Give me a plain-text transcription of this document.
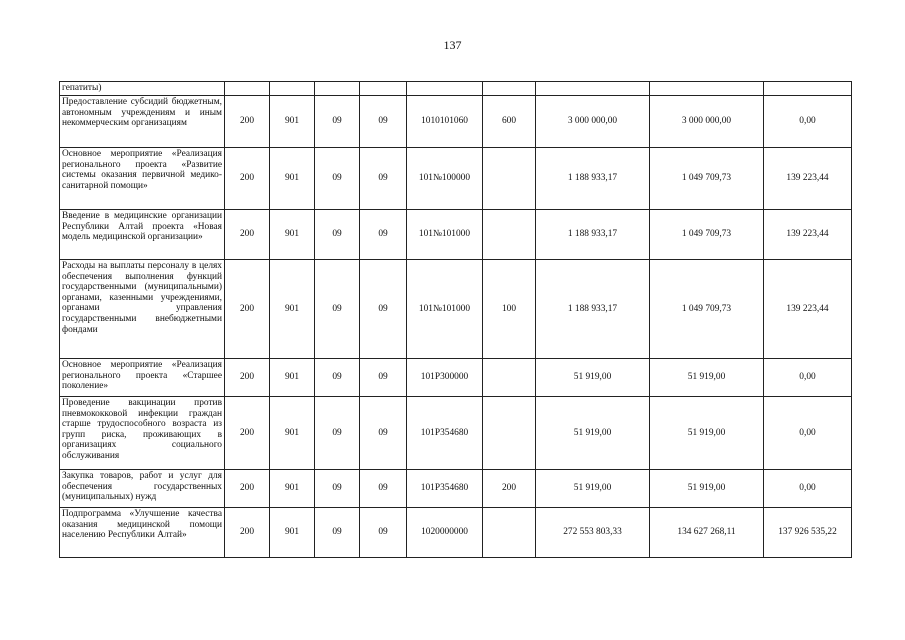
137
гепатиты)									
Предоставление субсидий бюджетным, автономным учреждениям и иным некоммерческим организациям	200	901	09	09	1010101060	600	3 000 000,00	3 000 000,00	0,00
Основное мероприятие «Реализация регионального проекта «Развитие системы оказания первичной медико-санитарной помощи»	200	901	09	09	101№100000		1 188 933,17	1 049 709,73	139 223,44
Введение в медицинские организации Республики Алтай проекта «Новая модель медицинской организации»	200	901	09	09	101№101000		1 188 933,17	1 049 709,73	139 223,44
Расходы на выплаты персоналу в целях обеспечения выполнения функций государственными (муниципальными) органами, казенными учреждениями, органами управления государственными внебюджетными фондами	200	901	09	09	101№101000	100	1 188 933,17	1 049 709,73	139 223,44
Основное мероприятие «Реализация регионального проекта «Старшее поколение»	200	901	09	09	101P300000		51 919,00	51 919,00	0,00
Проведение вакцинации против пневмококковой инфекции граждан старше трудоспособного возраста из групп риска, проживающих в организациях социального обслуживания	200	901	09	09	101P354680		51 919,00	51 919,00	0,00
Закупка товаров, работ и услуг для обеспечения государственных (муниципальных) нужд	200	901	09	09	101P354680	200	51 919,00	51 919,00	0,00
Подпрограмма «Улучшение качества оказания медицинской помощи населению Республики Алтай»	200	901	09	09	1020000000		272 553 803,33	134 627 268,11	137 926 535,22
